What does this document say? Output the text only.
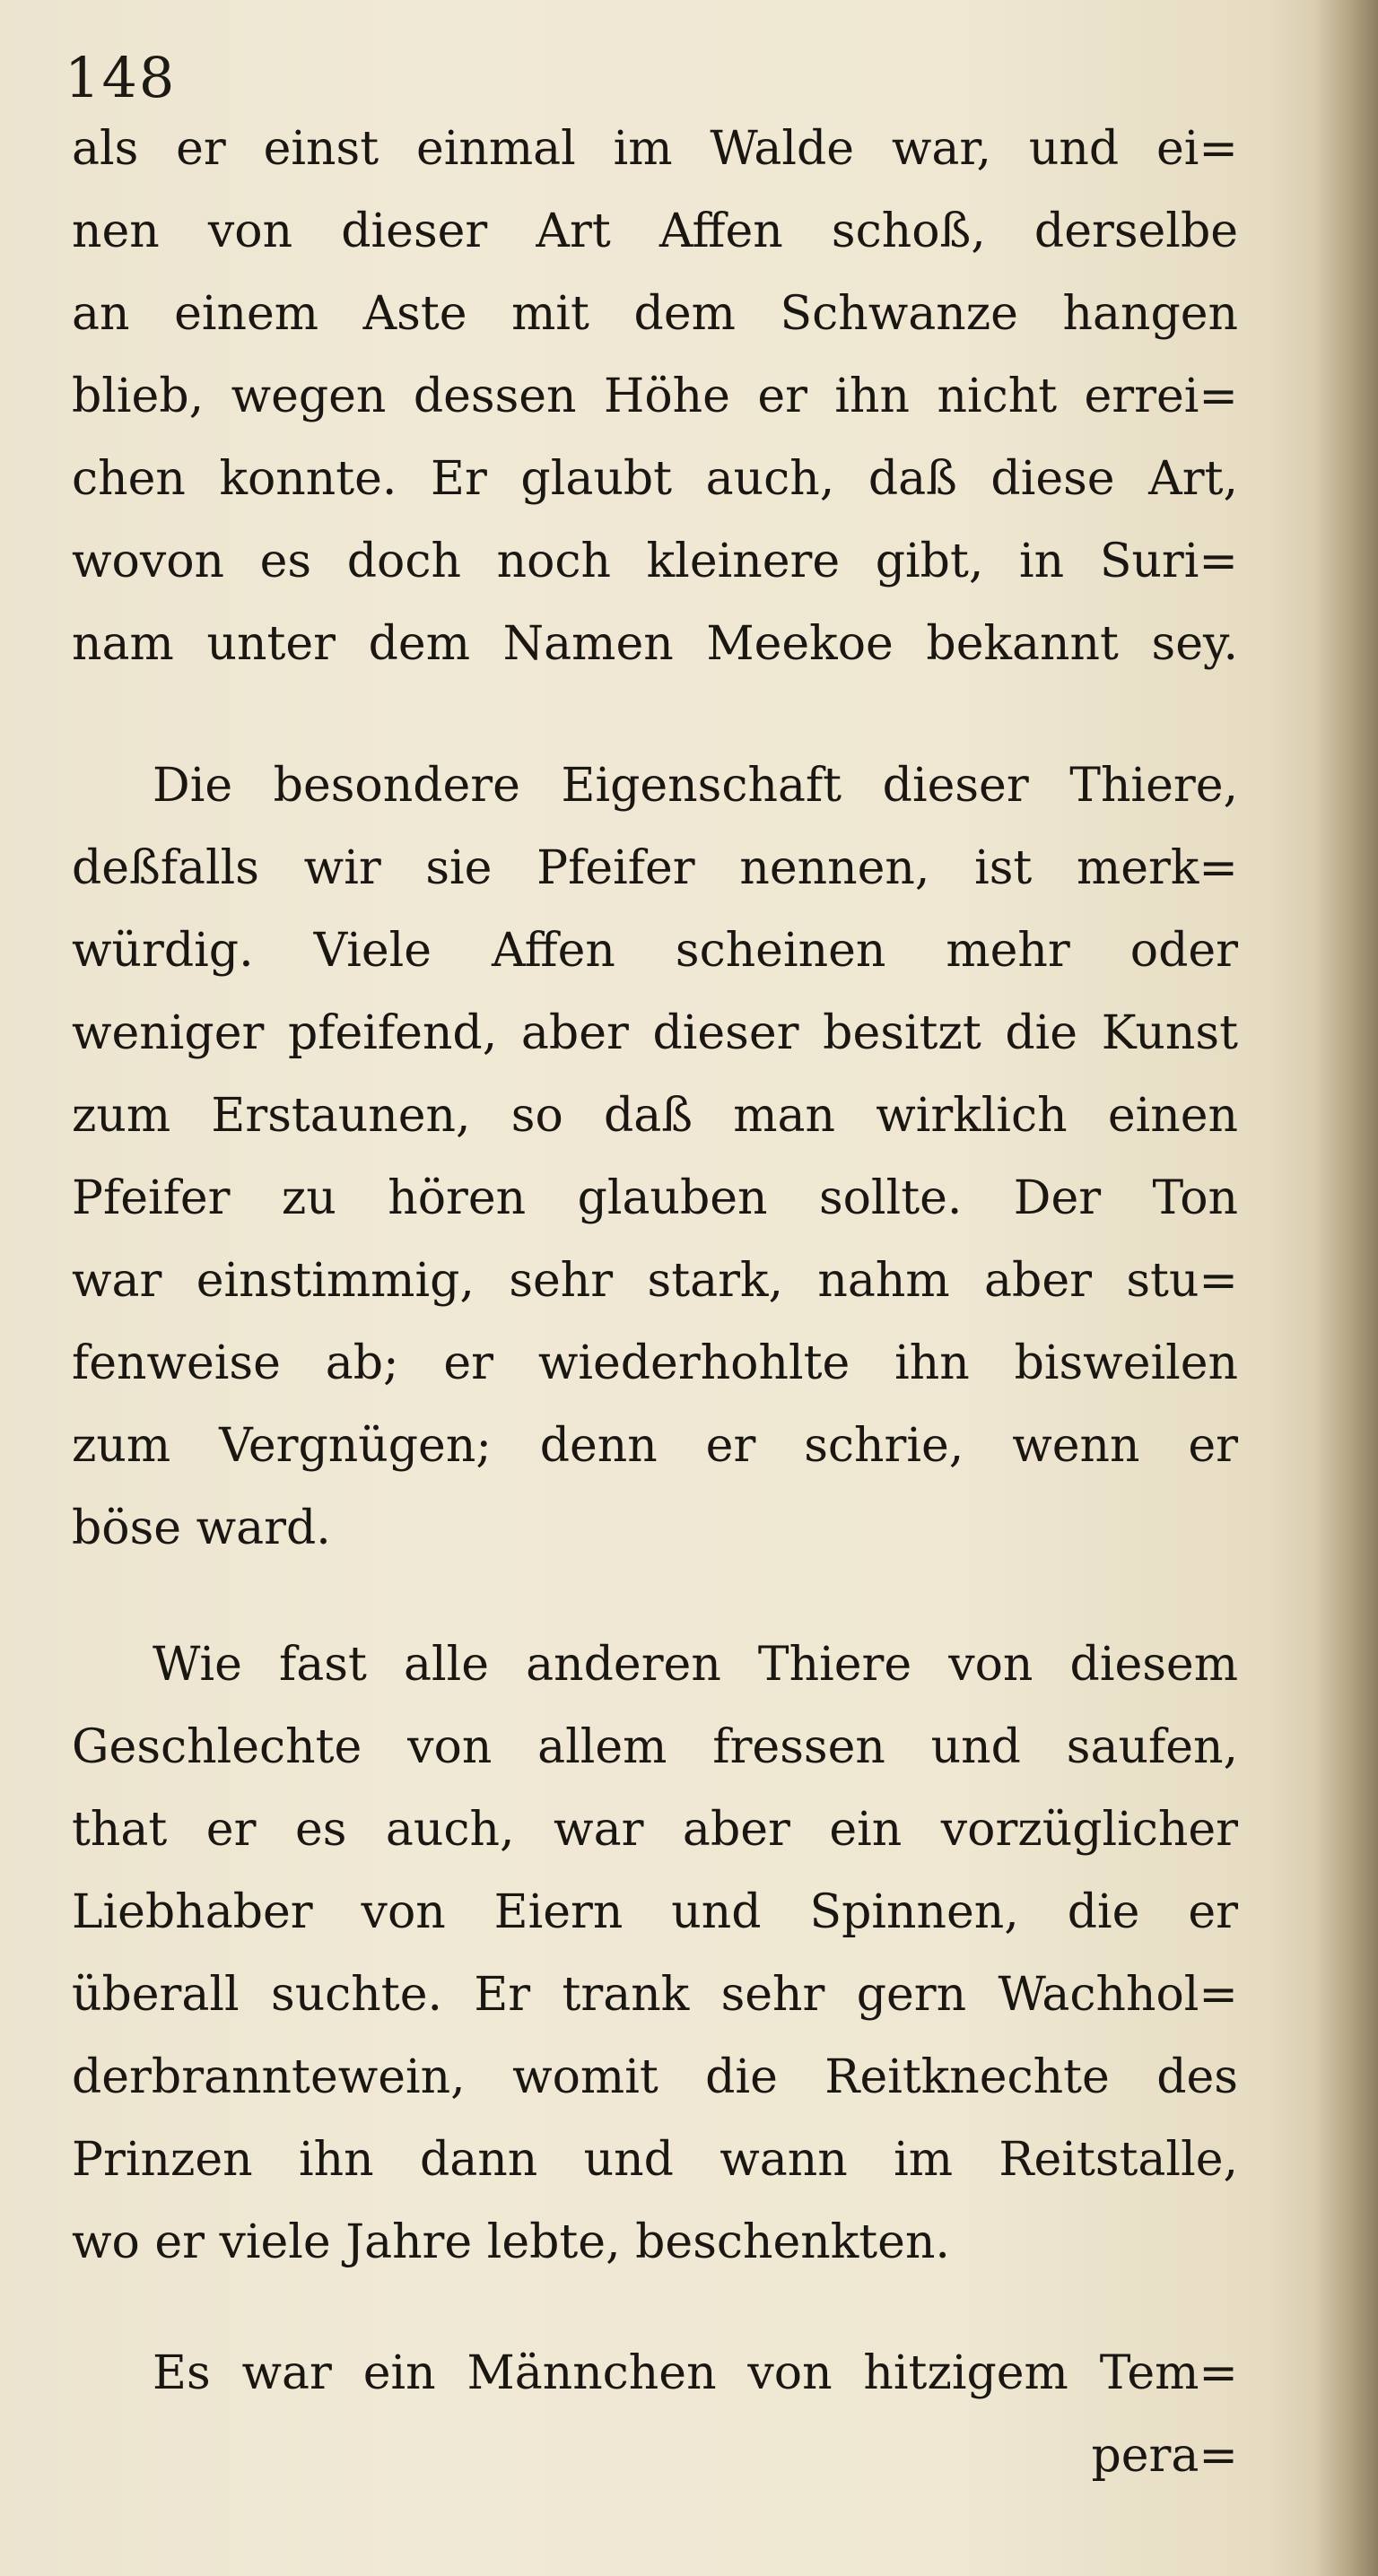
148
als er einst einmal im Walde war, und ei=
nen von dieser Art Affen schoß, derselbe
an einem Aste mit dem Schwanze hangen
blieb, wegen dessen Höhe er ihn nicht errei=
chen konnte. Er glaubt auch, daß diese Art,
wovon es doch noch kleinere gibt, in Suri=
nam unter dem Namen Meekoe bekannt sey.
Die besondere Eigenschaft dieser Thiere,
deßfalls wir sie Pfeifer nennen, ist merk=
würdig. Viele Affen scheinen mehr oder
weniger pfeifend, aber dieser besitzt die Kunst
zum Erstaunen, so daß man wirklich einen
Pfeifer zu hören glauben sollte. Der Ton
war einstimmig, sehr stark, nahm aber stu=
fenweise ab; er wiederhohlte ihn bisweilen
zum Vergnügen; denn er schrie, wenn er
böse ward.
Wie fast alle anderen Thiere von diesem
Geschlechte von allem fressen und saufen,
that er es auch, war aber ein vorzüglicher
Liebhaber von Eiern und Spinnen, die er
überall suchte. Er trank sehr gern Wachhol=
derbranntewein, womit die Reitknechte des
Prinzen ihn dann und wann im Reitstalle,
wo er viele Jahre lebte, beschenkten.
Es war ein Männchen von hitzigem Tem=
pera=
